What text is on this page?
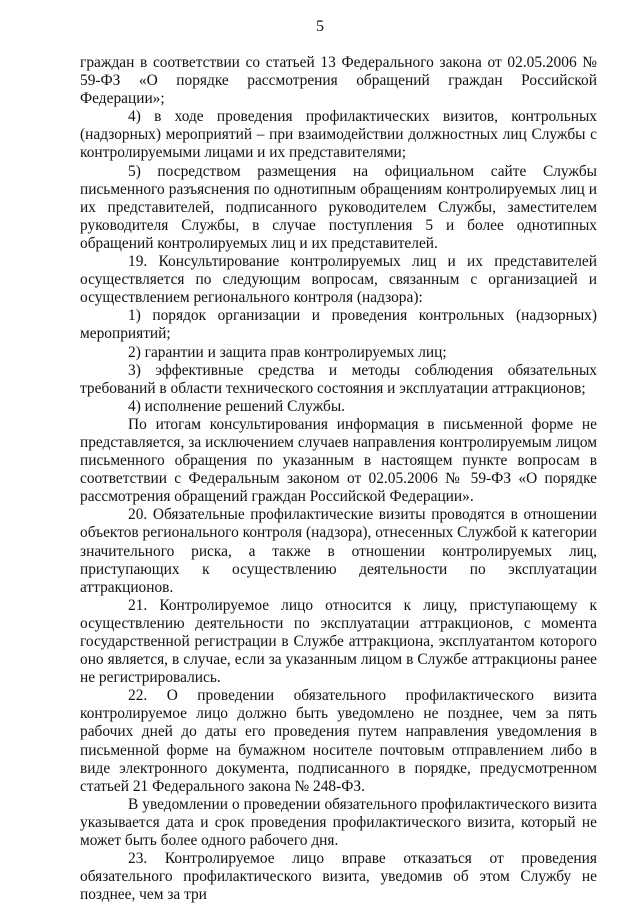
5

граждан в соответствии со статьей 13 Федерального закона от 02.05.2006 № 59-ФЗ «О порядке рассмотрения обращений граждан Российской Федерации»;

4) в ходе проведения профилактических визитов, контрольных (надзорных) мероприятий – при взаимодействии должностных лиц Службы с контролируемыми лицами и их представителями;

5) посредством размещения на официальном сайте Службы письменного разъяснения по однотипным обращениям контролируемых лиц и их представителей, подписанного руководителем Службы, заместителем руководителя Службы, в случае поступления 5 и более однотипных обращений контролируемых лиц и их представителей.

19. Консультирование контролируемых лиц и их представителей осуществляется по следующим вопросам, связанным с организацией и осуществлением регионального контроля (надзора):

1) порядок организации и проведения контрольных (надзорных) мероприятий;

2) гарантии и защита прав контролируемых лиц;

3) эффективные средства и методы соблюдения обязательных требований в области технического состояния и эксплуатации аттракционов;

4) исполнение решений Службы.

По итогам консультирования информация в письменной форме не представляется, за исключением случаев направления контролируемым лицом письменного обращения по указанным в настоящем пункте вопросам в соответствии с Федеральным законом от 02.05.2006 № 59-ФЗ «О порядке рассмотрения обращений граждан Российской Федерации».

20. Обязательные профилактические визиты проводятся в отношении объектов регионального контроля (надзора), отнесенных Службой к категории значительного риска, а также в отношении контролируемых лиц, приступающих к осуществлению деятельности по эксплуатации аттракционов.

21. Контролируемое лицо относится к лицу, приступающему к осуществлению деятельности по эксплуатации аттракционов, с момента государственной регистрации в Службе аттракциона, эксплуатантом которого оно является, в случае, если за указанным лицом в Службе аттракционы ранее не регистрировались.

22. О проведении обязательного профилактического визита контролируемое лицо должно быть уведомлено не позднее, чем за пять рабочих дней до даты его проведения путем направления уведомления в письменной форме на бумажном носителе почтовым отправлением либо в виде электронного документа, подписанного в порядке, предусмотренном статьей 21 Федерального закона № 248-ФЗ.

В уведомлении о проведении обязательного профилактического визита указывается дата и срок проведения профилактического визита, который не может быть более одного рабочего дня.

23. Контролируемое лицо вправе отказаться от проведения обязательного профилактического визита, уведомив об этом Службу не позднее, чем за три
